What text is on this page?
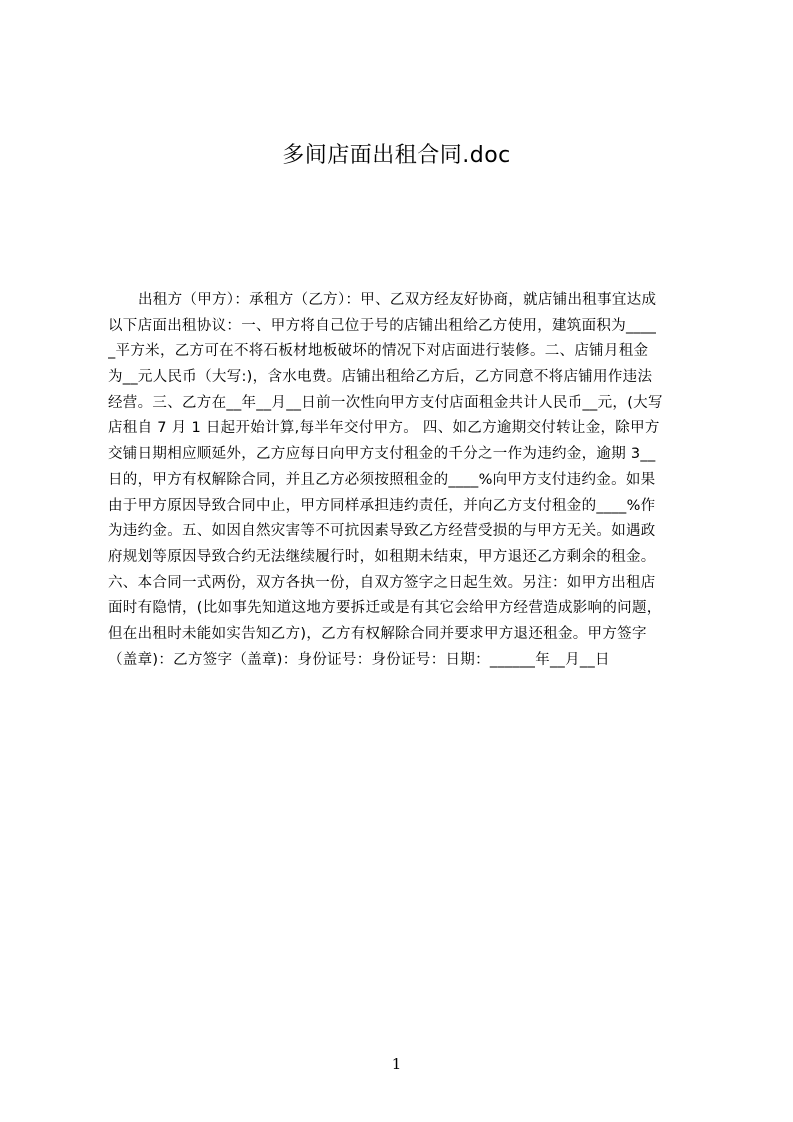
多间店面出租合同.doc
出租方（甲方）：承租方（乙方）：甲、乙双方经友好协商，就店铺出租事宜达成
以下店面出租协议：一、甲方将自己位于号的店铺出租给乙方使用，建筑面积为____
_平方米，乙方可在不将石板材地板破坏的情况下对店面进行装修。二、店铺月租金
为__元人民币（大写:)，含水电费。店铺出租给乙方后，乙方同意不将店铺用作违法
经营。三、乙方在__年__月__日前一次性向甲方支付店面租金共计人民币__元，(大写
店租自 7 月 1 日起开始计算,每半年交付甲方。 四、如乙方逾期交付转让金，除甲方
交铺日期相应顺延外，乙方应每日向甲方支付租金的千分之一作为违约金，逾期 3__
日的，甲方有权解除合同，并且乙方必须按照租金的____%向甲方支付违约金。如果
由于甲方原因导致合同中止，甲方同样承担违约责任，并向乙方支付租金的____%作
为违约金。五、如因自然灾害等不可抗因素导致乙方经营受损的与甲方无关。如遇政
府规划等原因导致合约无法继续履行时，如租期未结束，甲方退还乙方剩余的租金。
六、本合同一式两份，双方各执一份，自双方签字之日起生效。另注：如甲方出租店
面时有隐情，(比如事先知道这地方要拆迁或是有其它会给甲方经营造成影响的问题，
但在出租时未能如实告知乙方)，乙方有权解除合同并要求甲方退还租金。甲方签字
（盖章)：乙方签字（盖章)：身份证号：身份证号：日期：______年__月__日
1
